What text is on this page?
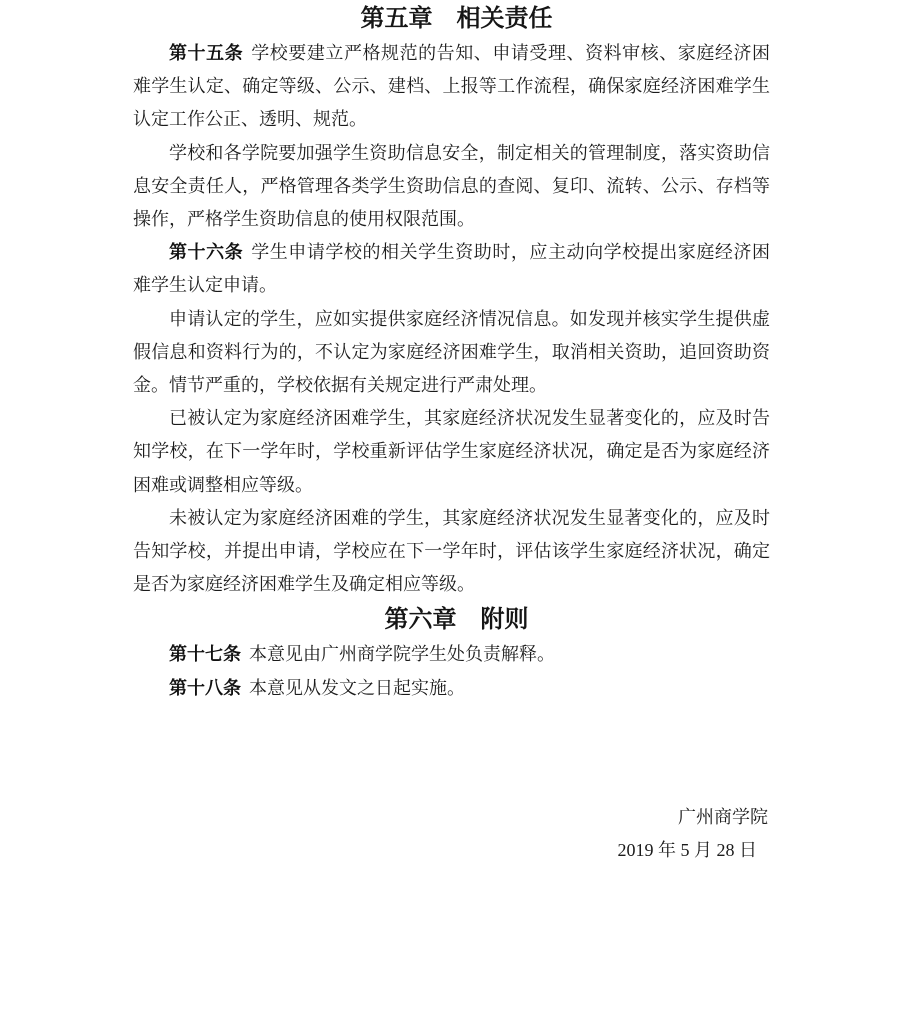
第五章　相关责任

第十五条 学校要建立严格规范的告知、申请受理、资料审核、家庭经济困难学生认定、确定等级、公示、建档、上报等工作流程，确保家庭经济困难学生认定工作公正、透明、规范。

学校和各学院要加强学生资助信息安全，制定相关的管理制度，落实资助信息安全责任人，严格管理各类学生资助信息的查阅、复印、流转、公示、存档等操作，严格学生资助信息的使用权限范围。

第十六条 学生申请学校的相关学生资助时，应主动向学校提出家庭经济困难学生认定申请。

申请认定的学生，应如实提供家庭经济情况信息。如发现并核实学生提供虚假信息和资料行为的，不认定为家庭经济困难学生，取消相关资助，追回资助资金。情节严重的，学校依据有关规定进行严肃处理。

已被认定为家庭经济困难学生，其家庭经济状况发生显著变化的，应及时告知学校，在下一学年时，学校重新评估学生家庭经济状况，确定是否为家庭经济困难或调整相应等级。

未被认定为家庭经济困难的学生，其家庭经济状况发生显著变化的，应及时告知学校，并提出申请，学校应在下一学年时，评估该学生家庭经济状况，确定是否为家庭经济困难学生及确定相应等级。

第六章　附则

第十七条 本意见由广州商学院学生处负责解释。

第十八条 本意见从发文之日起实施。

广州商学院

2019 年 5 月 28 日
